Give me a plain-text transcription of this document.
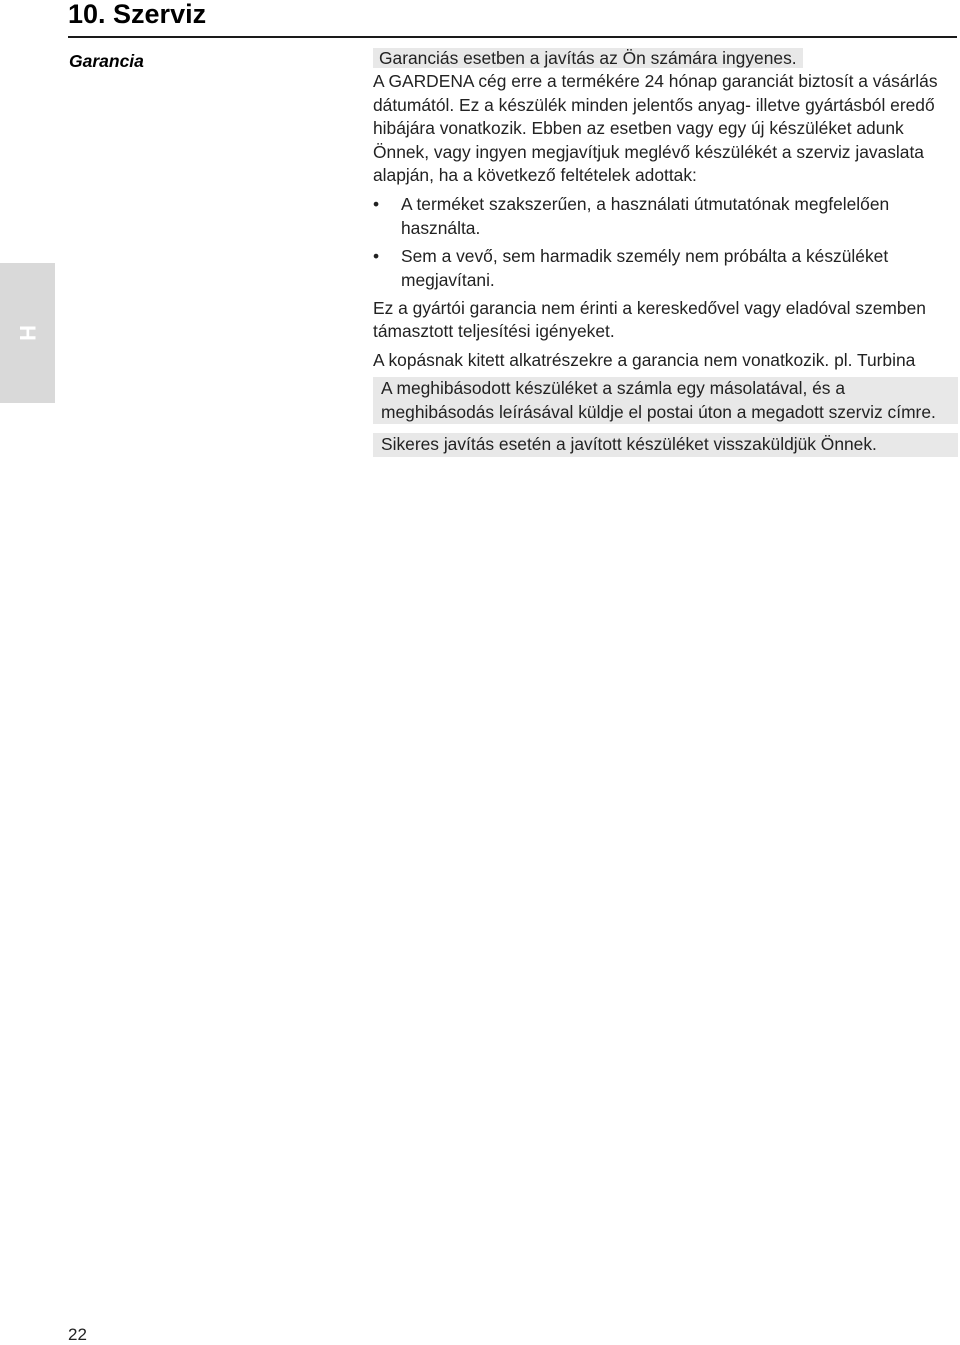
10. Szerviz
H
Garancia	Garanciás esetben a javítás az Ön számára ingyenes.

A GARDENA cég erre a termékére 24 hónap garanciát biztosít a vásárlás dátumától. Ez a készülék minden jelentős anyag- illetve gyártásból eredő hibájára vonatkozik. Ebben az esetben vagy egy új készüléket adunk Önnek, vagy ingyen megjavítjuk meglévő készülékét a szerviz javaslata alapján, ha a következő feltételek adottak:

• A terméket szakszerűen, a használati útmutatónak megfelelően használta.
• Sem a vevő, sem harmadik személy nem próbálta a készüléket megjavítani.

Ez a gyártói garancia nem érinti a kereskedővel vagy eladóval szemben támasztott teljesítési igényeket.

A kopásnak kitett alkatrészekre a garancia nem vonatkozik. pl. Turbina

A meghibásodott készüléket a számla egy másolatával, és a meghibásodás leírásával küldje el postai úton a megadott szerviz címre.

Sikeres javítás esetén a javított készüléket visszaküldjük Önnek.

22
